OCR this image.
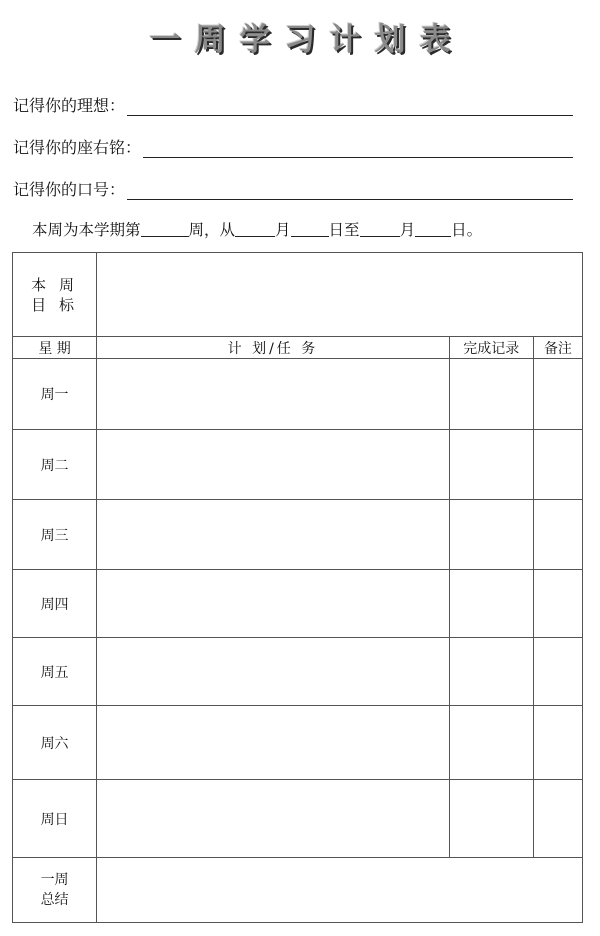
一周学习计划表
记得你的理想：
记得你的座右铭：
记得你的口号：
本周为本学期第	周，从	月 日至	月 日。
本 周
目 标			

星 期	计 划/任 务	完成记录	备注
周一			
周二			
周三			
周四			
周五			
周六			
周日			

一周
总结			
